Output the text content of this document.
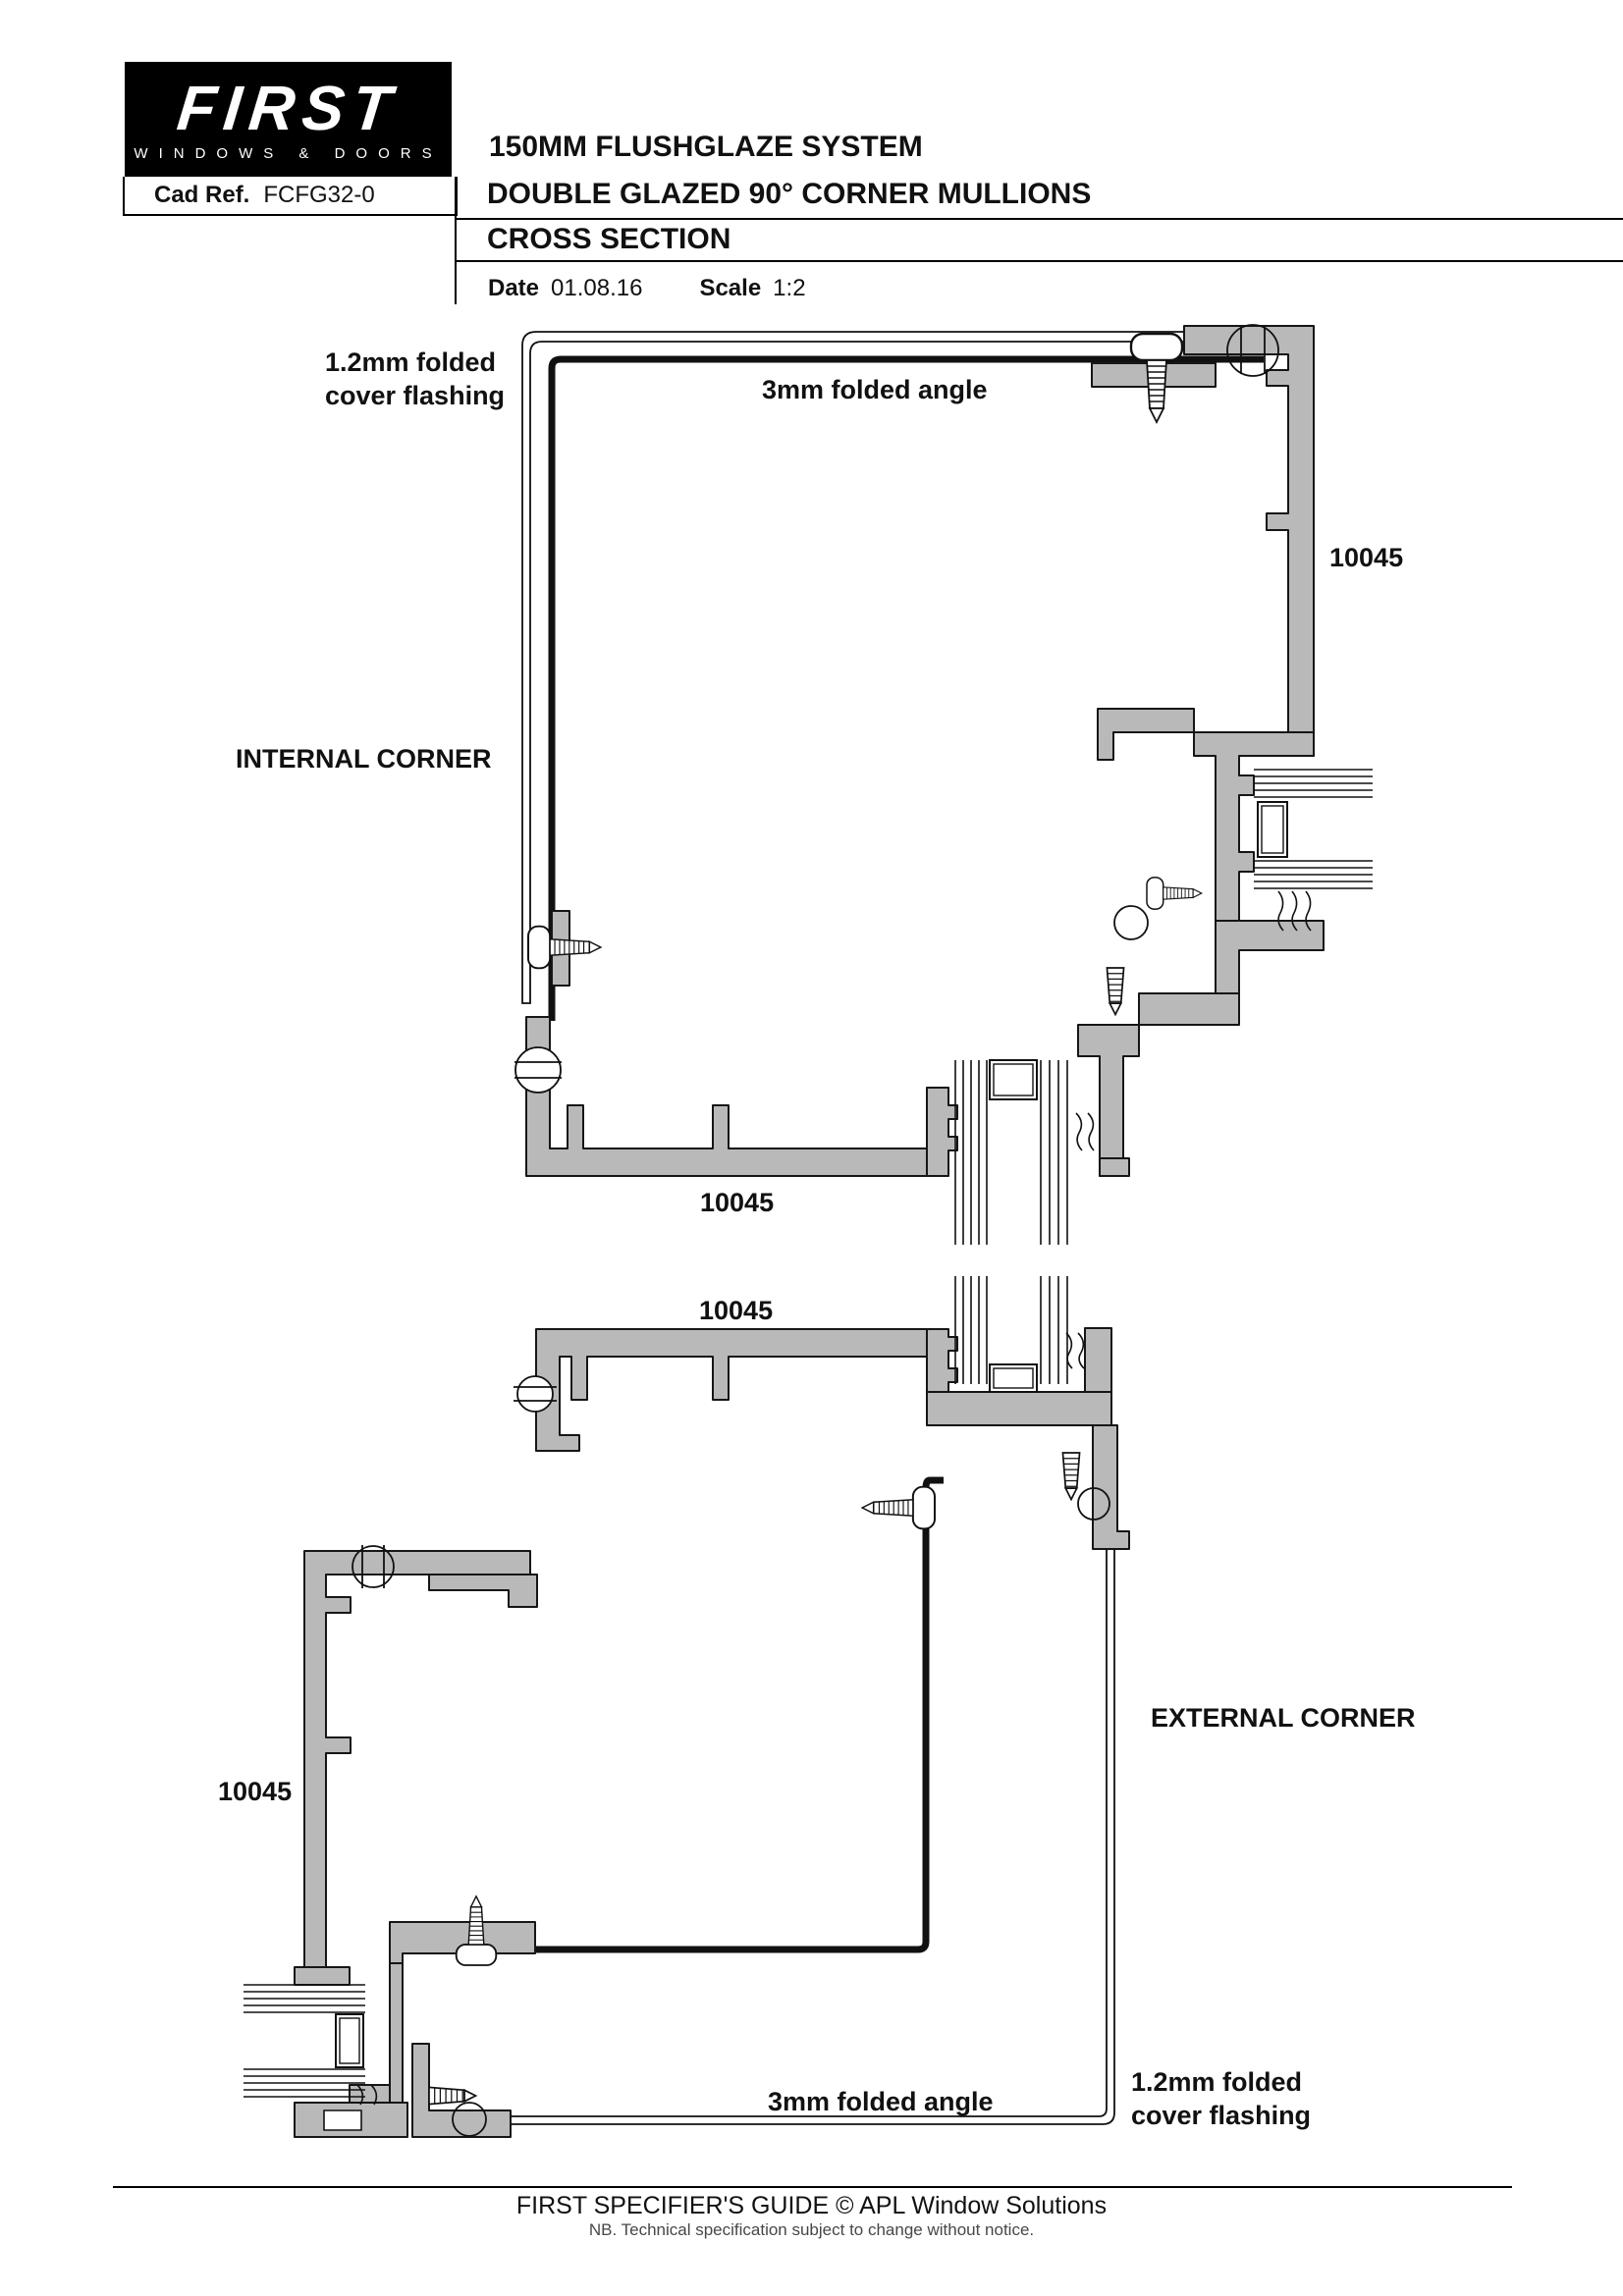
FIRST
WINDOWS & DOORS
Cad Ref. FCFG32-0
150MM FLUSHGLAZE SYSTEM
DOUBLE GLAZED 90° CORNER MULLIONS
CROSS SECTION
Date 01.08.16 Scale 1:2
1.2mm folded
cover flashing	3mm folded angle
10045
INTERNAL CORNER
10045
10045
10045
EXTERNAL CORNER
3mm folded angle
1.2mm folded
cover flashing
FIRST SPECIFIER'S GUIDE © APL Window Solutions
NB. Technical specification subject to change without notice.
